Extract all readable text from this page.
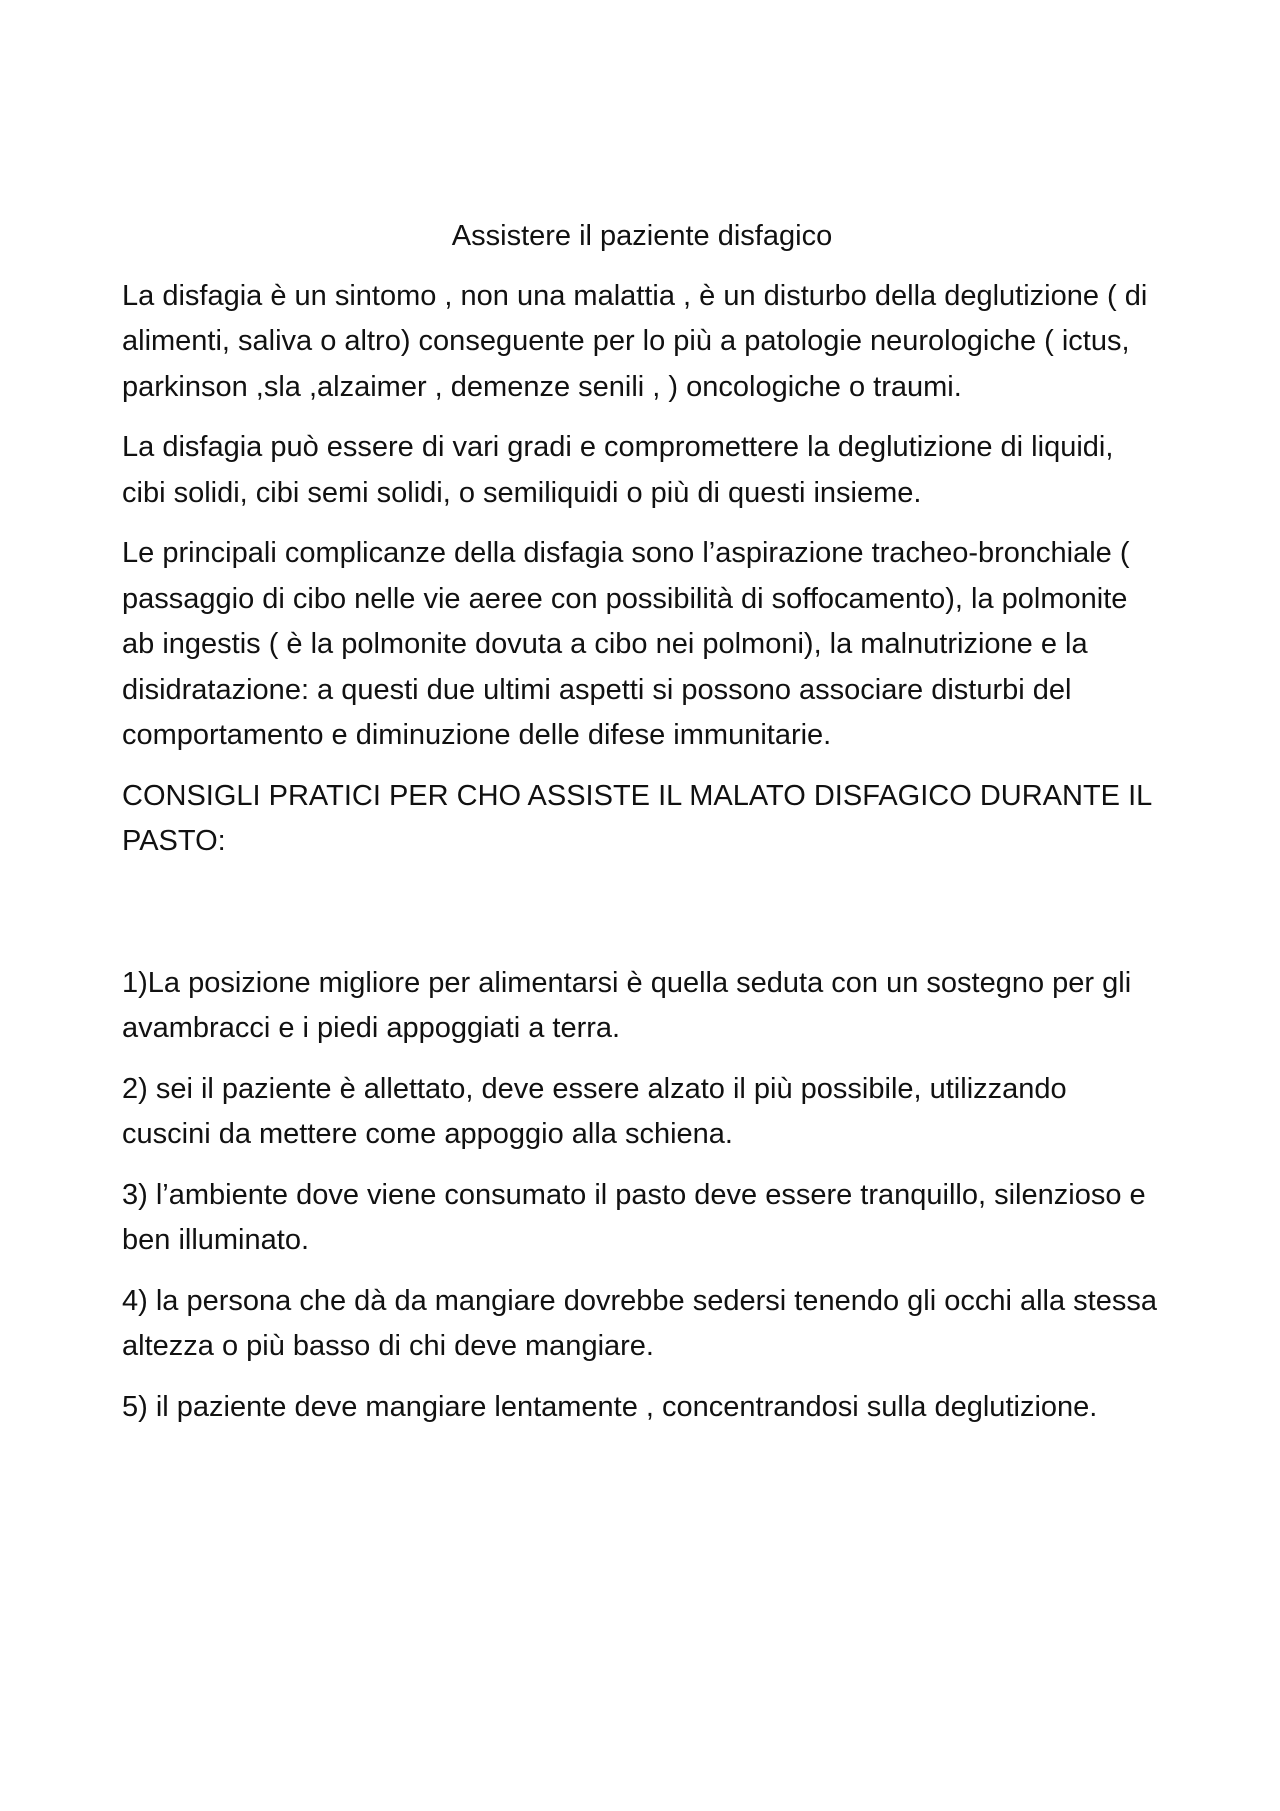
Assistere il paziente disfagico

La disfagia è un sintomo , non una malattia , è un disturbo della deglutizione ( di alimenti, saliva o altro) conseguente per lo più a patologie neurologiche ( ictus, parkinson ,sla ,alzaimer , demenze senili , ) oncologiche o traumi.

La disfagia può essere di vari gradi e compromettere la deglutizione di liquidi, cibi solidi, cibi semi solidi, o semiliquidi o più di questi insieme.

Le principali complicanze della disfagia sono l’aspirazione tracheo-bronchiale ( passaggio di cibo nelle vie aeree con possibilità di soffocamento), la polmonite ab ingestis ( è la polmonite dovuta a cibo nei polmoni), la malnutrizione e la disidratazione: a questi due ultimi aspetti si possono associare disturbi del comportamento e diminuzione delle difese immunitarie.

CONSIGLI PRATICI PER CHO ASSISTE IL MALATO DISFAGICO DURANTE IL PASTO:

1)La posizione migliore per alimentarsi è quella seduta con un sostegno per gli avambracci e i piedi appoggiati a terra.

2) sei il paziente è allettato, deve essere alzato il più possibile, utilizzando cuscini da mettere come appoggio alla schiena.

3) l’ambiente dove viene consumato il pasto deve essere tranquillo, silenzioso e ben illuminato.

4) la persona che dà da mangiare dovrebbe sedersi tenendo gli occhi alla stessa altezza o più basso di chi deve mangiare.

5) il paziente deve mangiare lentamente , concentrandosi sulla deglutizione.
